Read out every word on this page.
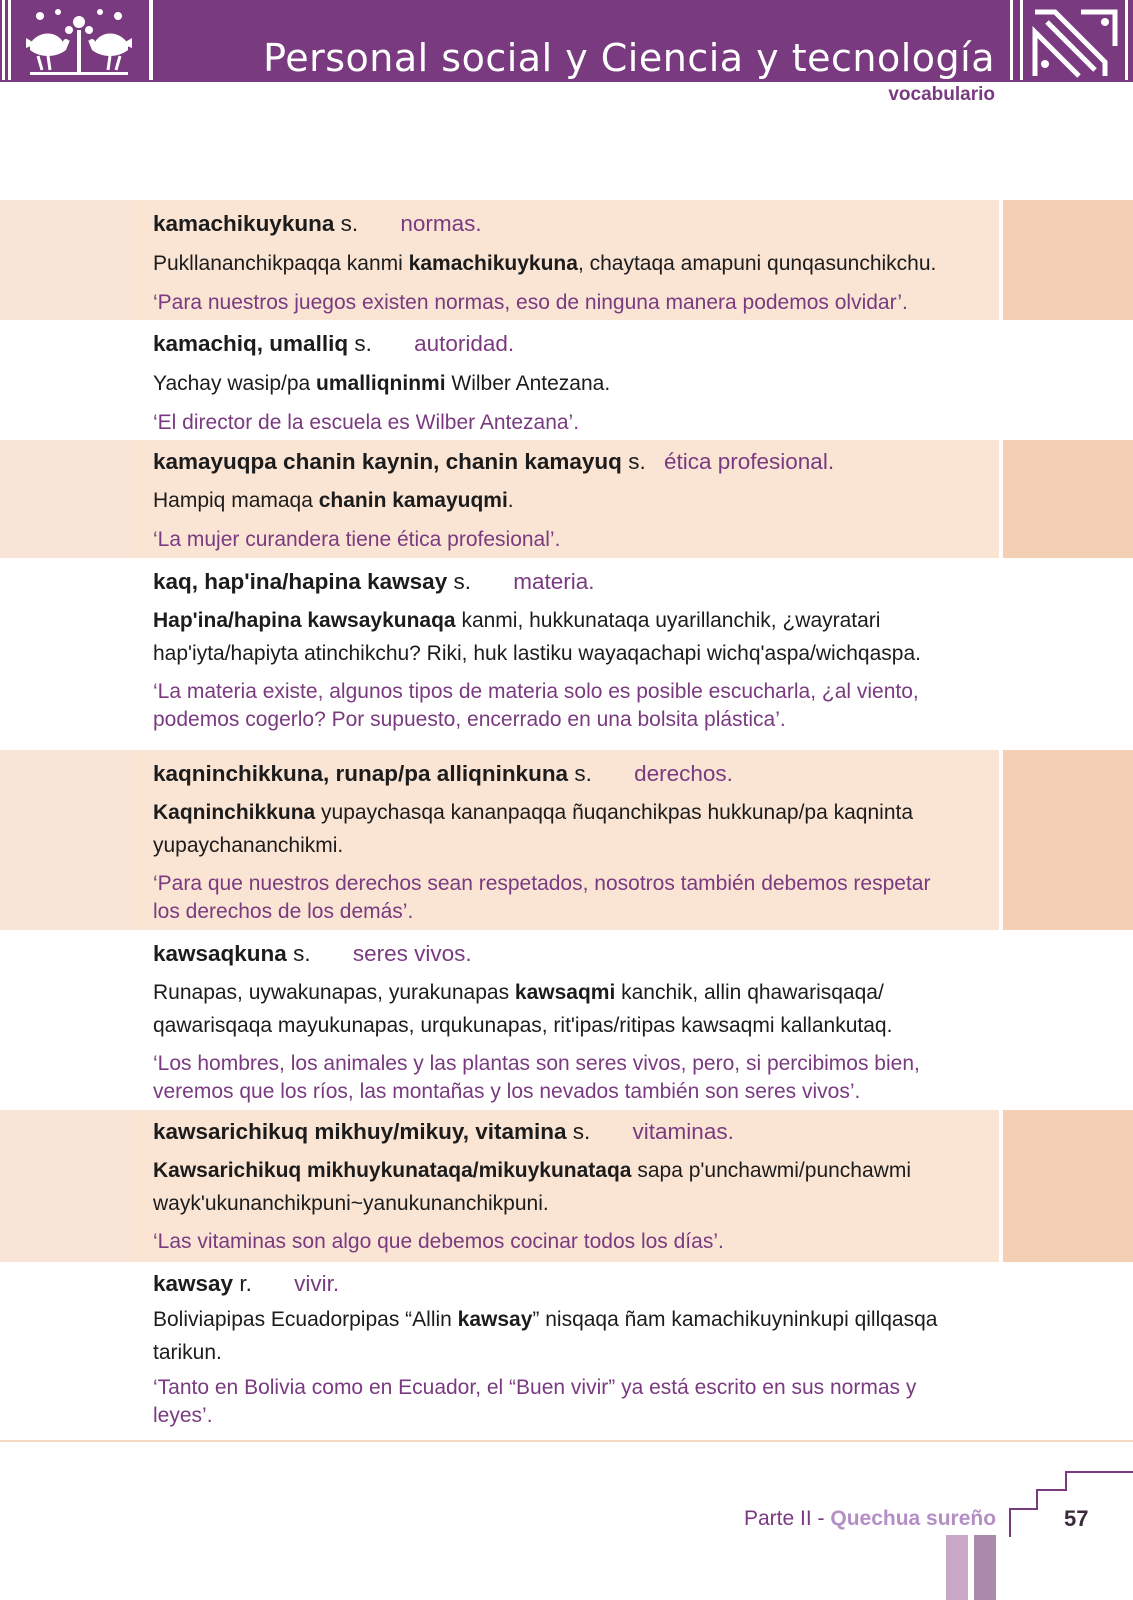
Personal social y Ciencia y tecnología
vocabulario
kamachikuykuna s. normas.
Pukllananchikpaqqa kanmi kamachikuykuna, chaytaqa amapuni qunqasunchikchu.
‘Para nuestros juegos existen normas, eso de ninguna manera podemos olvidar’.
kamachiq, umalliq s. autoridad.
Yachay wasip/pa umalliqninmi Wilber Antezana.
‘El director de la escuela es Wilber Antezana’.
kamayuqpa chanin kaynin, chanin kamayuq s. ética profesional.
Hampiq mamaqa chanin kamayuqmi.
‘La mujer curandera tiene ética profesional’.
kaq, hap'ina/hapina kawsay s. materia.
Hap'ina/hapina kawsaykunaqa kanmi, hukkunataqa uyarillanchik, ¿wayratari
hap'iyta/hapiyta atinchikchu? Riki, huk lastiku wayaqachapi wichq'aspa/wichqaspa.
‘La materia existe, algunos tipos de materia solo es posible escucharla, ¿al viento,
podemos cogerlo? Por supuesto, encerrado en una bolsita plástica’.
kaqninchikkuna, runap/pa alliqninkuna s. derechos.
Kaqninchikkuna yupaychasqa kananpaqqa ñuqanchikpas hukkunap/pa kaqninta
yupaychananchikmi.
‘Para que nuestros derechos sean respetados, nosotros también debemos respetar
los derechos de los demás’.
kawsaqkuna s. seres vivos.
Runapas, uywakunapas, yurakunapas kawsaqmi kanchik, allin qhawarisqaqa/
qawarisqaqa mayukunapas, urqukunapas, rit'ipas/ritipas kawsaqmi kallankutaq.
‘Los hombres, los animales y las plantas son seres vivos, pero, si percibimos bien,
veremos que los ríos, las montañas y los nevados también son seres vivos’.
kawsarichikuq mikhuy/mikuy, vitamina s. vitaminas.
Kawsarichikuq mikhuykunataqa/mikuykunataqa sapa p'unchawmi/punchawmi
wayk'ukunanchikpuni~yanukunanchikpuni.
‘Las vitaminas son algo que debemos cocinar todos los días’.
kawsay r. vivir.
Boliviapipas Ecuadorpipas “Allin kawsay” nisqaqa ñam kamachikuyninkupi qillqasqa
tarikun.
‘Tanto en Bolivia como en Ecuador, el “Buen vivir” ya está escrito en sus normas y
leyes’.
Parte II - Quechua sureño	57
